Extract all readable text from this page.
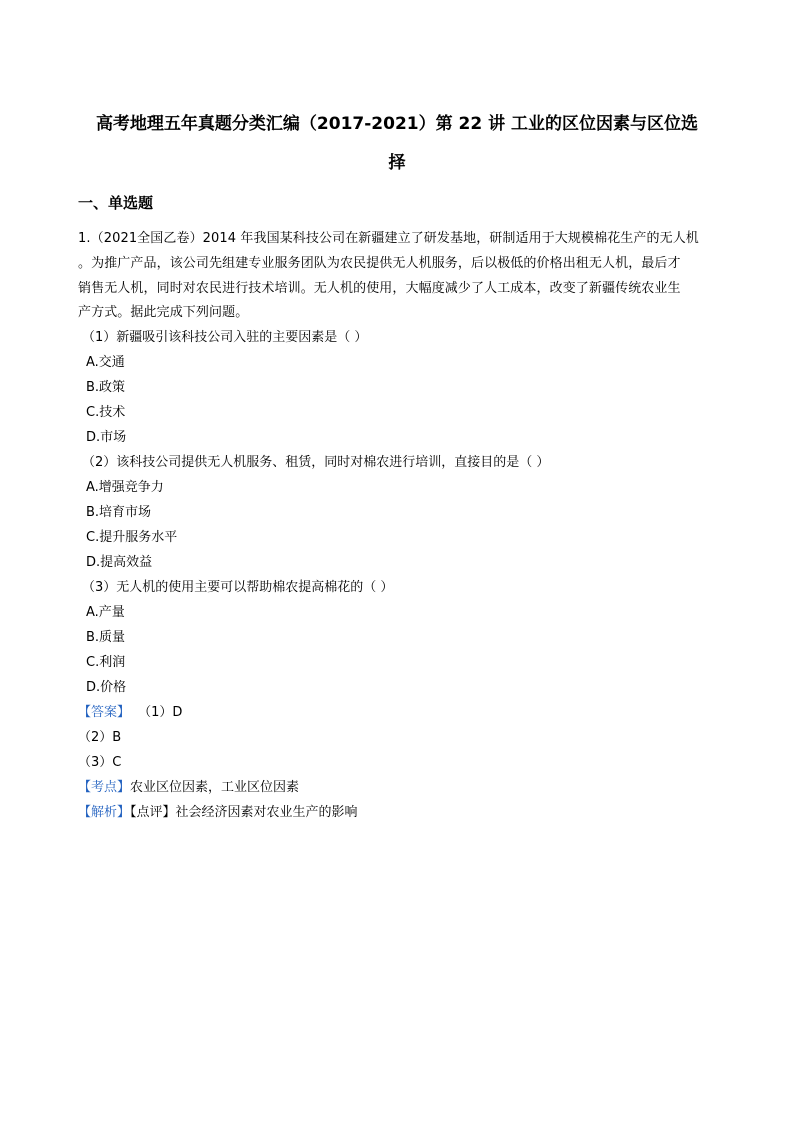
高考地理五年真题分类汇编（2017-2021）第 22 讲 工业的区位因素与区位选
择
一、单选题
1.（2021全国乙卷）2014 年我国某科技公司在新疆建立了研发基地，研制适用于大规模棉花生产的无人机
。为推广产品，该公司先组建专业服务团队为农民提供无人机服务，后以极低的价格出租无人机，最后才
销售无人机，同时对农民进行技术培训。无人机的使用，大幅度减少了人工成本，改变了新疆传统农业生
产方式。据此完成下列问题。
（1）新疆吸引该科技公司入驻的主要因素是（ ）
A.交通
B.政策
C.技术
D.市场
（2）该科技公司提供无人机服务、租赁，同时对棉农进行培训，直接目的是（ ）
A.增强竞争力
B.培育市场
C.提升服务水平
D.提高效益
（3）无人机的使用主要可以帮助棉农提高棉花的（ ）
A.产量
B.质量
C.利润
D.价格
【答案】 （1）D
（2）B
（3）C
【考点】农业区位因素，工业区位因素
【解析】【点评】社会经济因素对农业生产的影响
